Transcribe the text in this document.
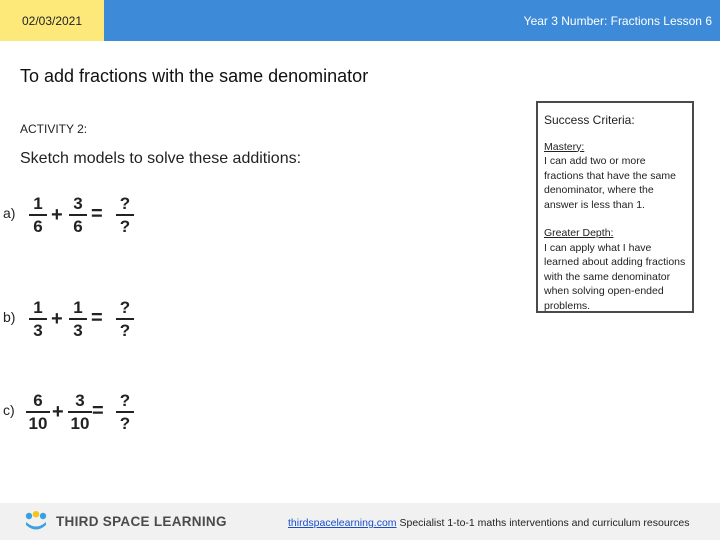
02/03/2021	Year 3 Number: Fractions Lesson 6
To add fractions with the same denominator
ACTIVITY 2:
Sketch models to solve these additions:
a) 1
6
+
3
6
= ?
?
b) 1
3
+
1
3
= ?
?
c) 6
10
+
3
10
= ?
?
Success Criteria:
Mastery:
I can add two or more fractions that have the same denominator, where the answer is less than 1.
Greater Depth:
I can apply what I have learned about adding fractions with the same denominator when solving open-ended problems.
THIRD SPACE LEARNING	thirdspacelearning.com Specialist 1-to-1 maths interventions and curriculum resources
